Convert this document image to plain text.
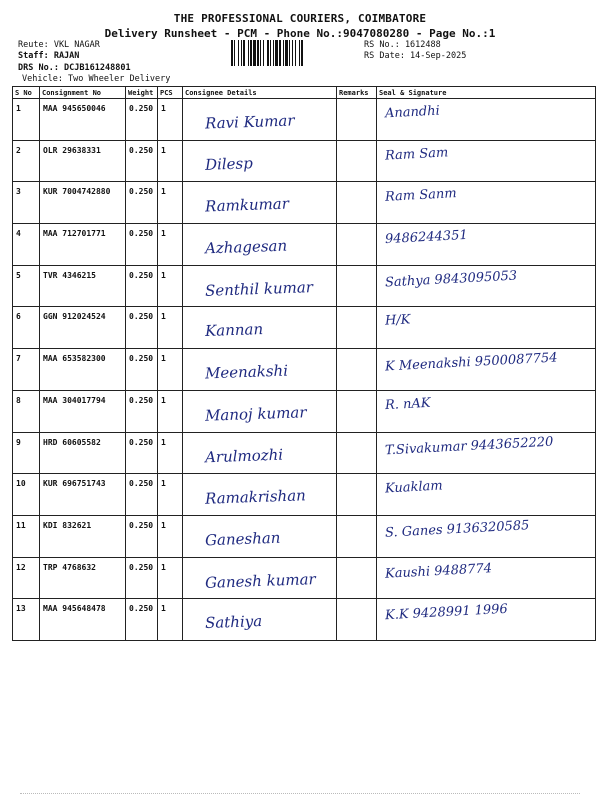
THE PROFESSIONAL COURIERS, COIMBATORE
Delivery Runsheet - PCM - Phone No.:9047080280 - Page No.:1
Reute: VKL NAGAR
Staff: RAJAN
DRS No.: DCJB161248801
Vehicle: Two Wheeler Delivery
RS No.: 1612488
RS Date: 14-Sep-2025
S No	Consignment No	Weight	PCS	Consignee Details	Remarks	Seal & Signature
1	MAA 945650046	0.250	1	Ravi Kumar		Anandhi

2	OLR 29638331	0.250	1	Dilesp		Ram Sam

3	KUR 7004742880	0.250	1	Ramkumar		Ram Sanm

4	MAA 712701771	0.250	1	Azhagesan		9486244351

5	TVR 4346215	0.250	1	Senthil kumar		Sathya 9843095053

6	GGN 912024524	0.250	1	Kannan		H/K

7	MAA 653582300	0.250	1	Meenakshi		K Meenakshi 9500087754

8	MAA 304017794	0.250	1	Manoj kumar		R. nAK

9	HRD 60605582	0.250	1	Arulmozhi		T.Sivakumar 9443652220

10	KUR 696751743	0.250	1	Ramakrishan		Kuaklam

11	KDI 832621	0.250	1	Ganeshan		S. Ganes 9136320585

12	TRP 4768632	0.250	1	Ganesh kumar		Kaushi 9488774

13	MAA 945648478	0.250	1	Sathiya		K.K 9428991 1996
